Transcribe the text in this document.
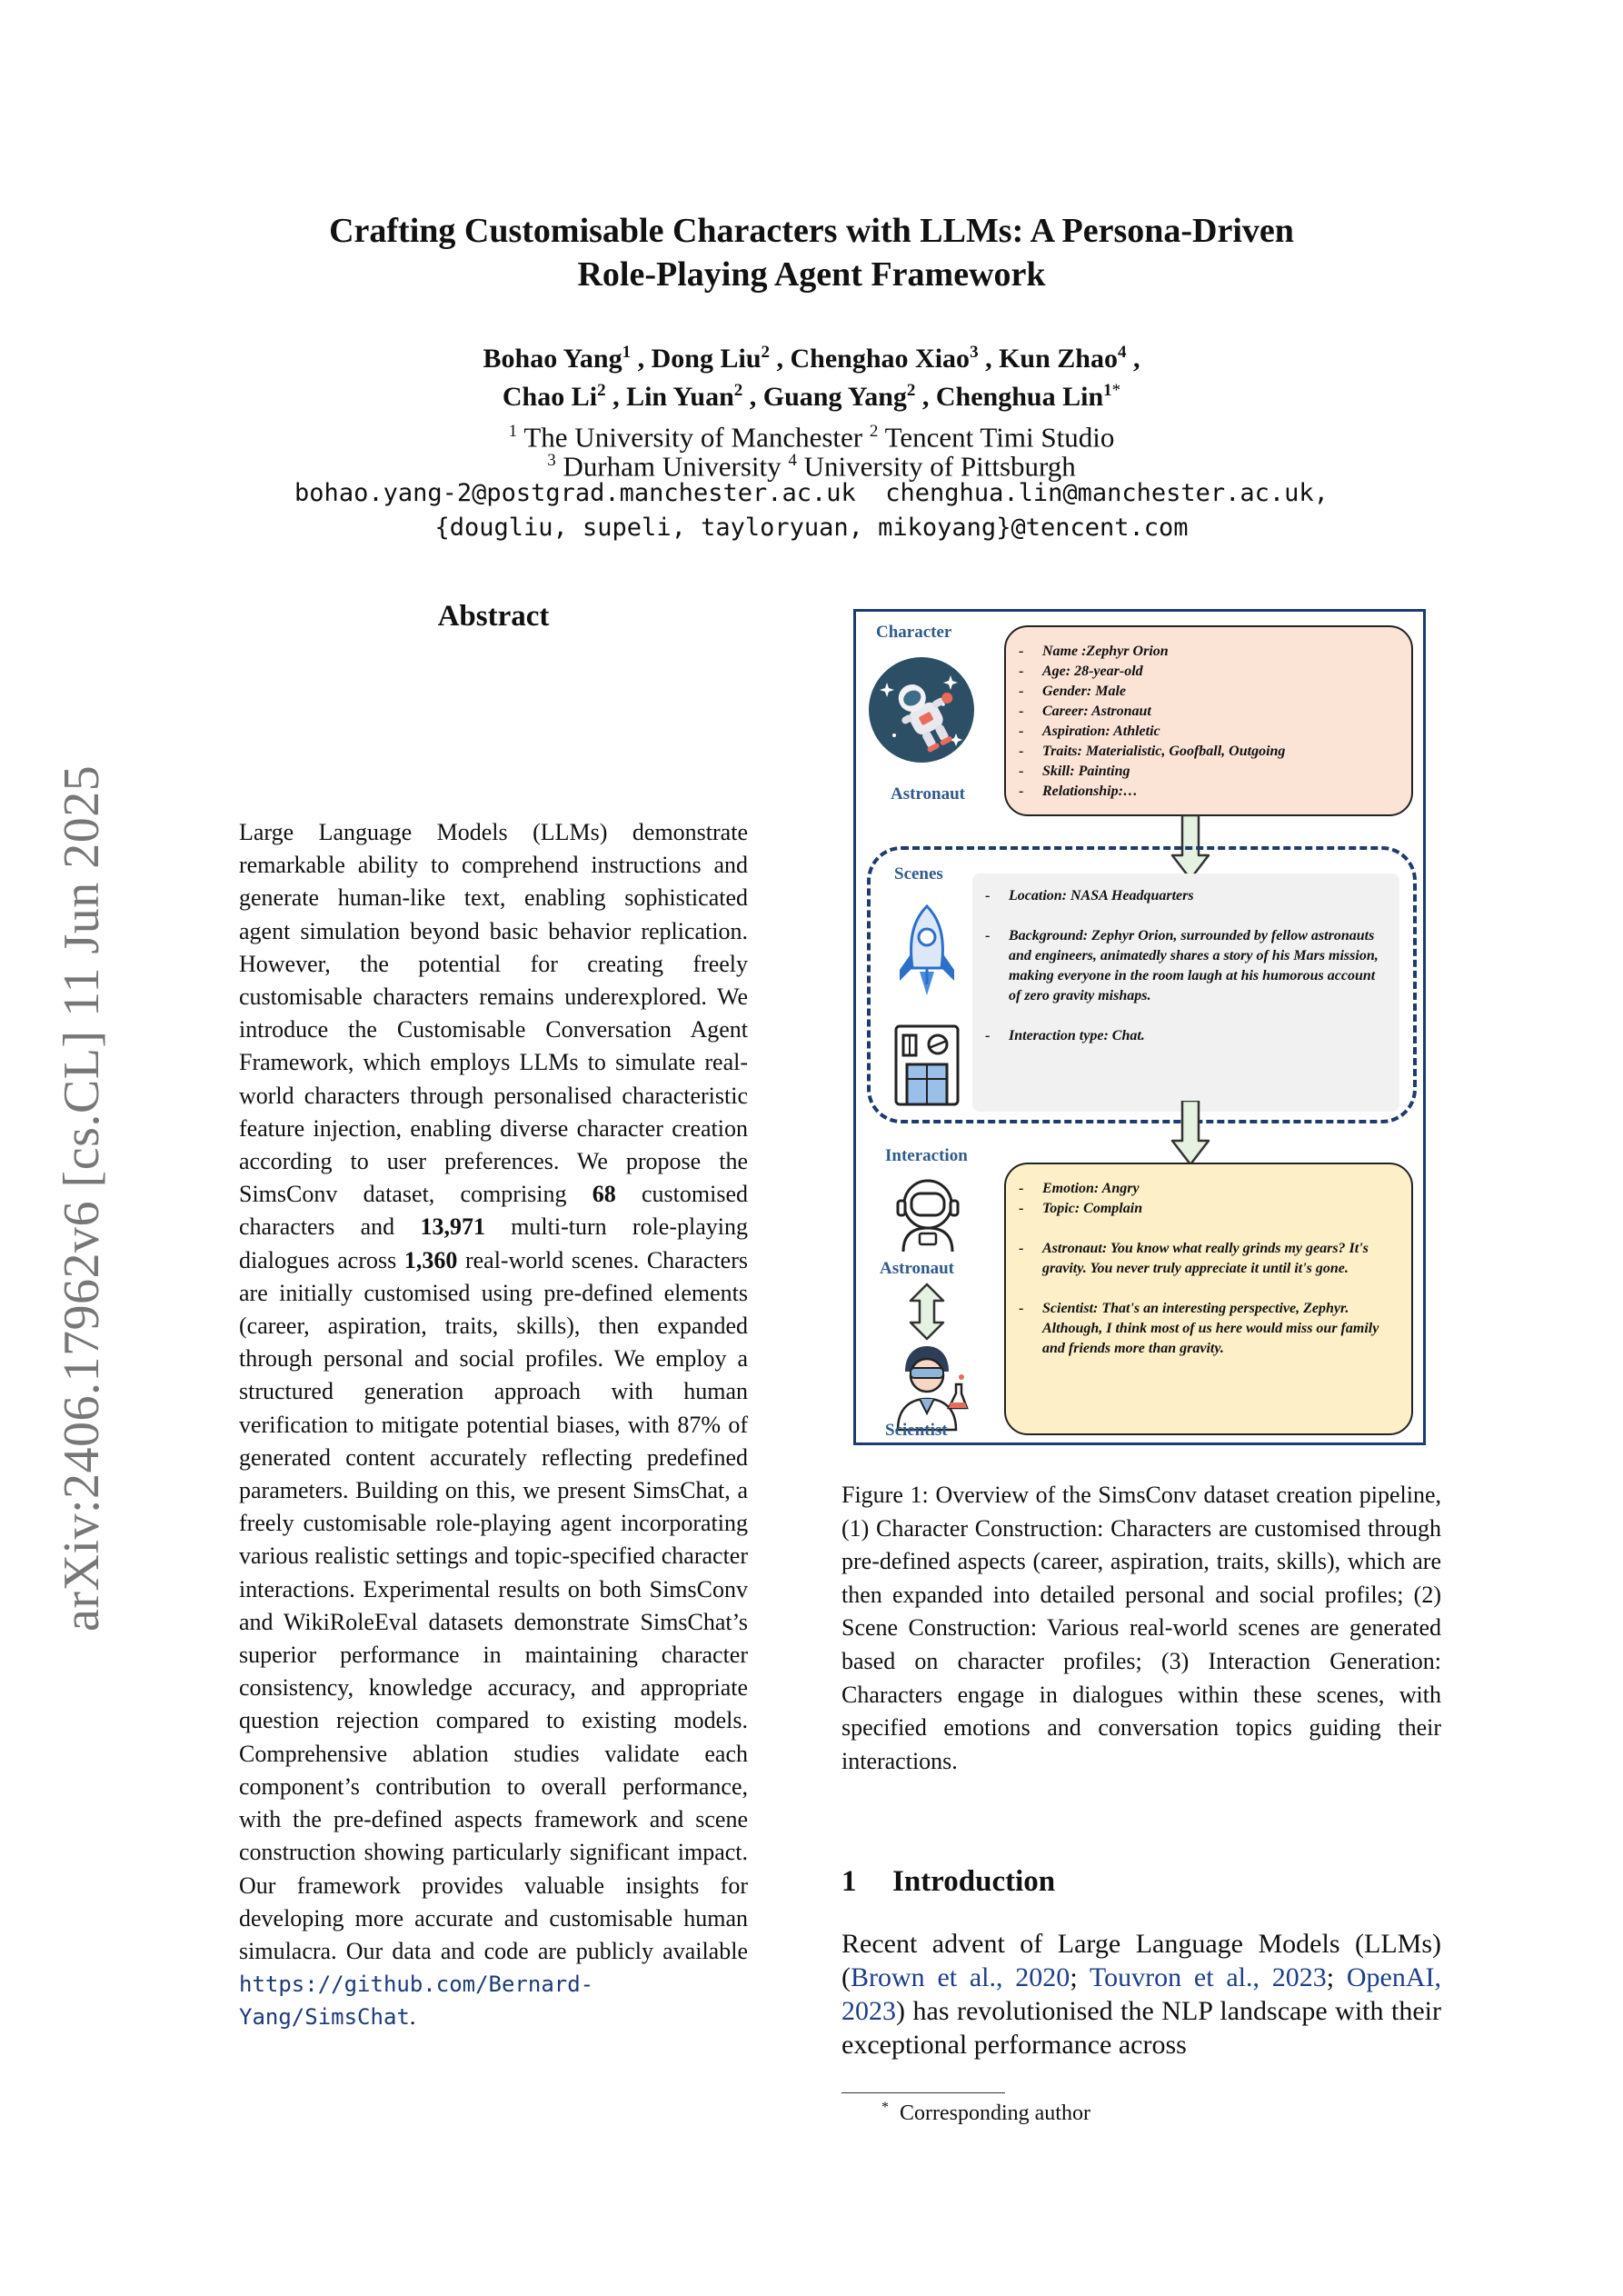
arXiv:2406.17962v6 [cs.CL] 11 Jun 2025
Crafting Customisable Characters with LLMs: A Persona-Driven
Role-Playing Agent Framework
Bohao Yang$^1$ , Dong Liu$^2$ , Chenghao Xiao$^3$ , Kun Zhao$^4$ ,
Chao Li$^2$ , Lin Yuan$^2$ , Guang Yang$^2$ , Chenghua Lin$^{1*}$
$^1$ The University of Manchester $^2$ Tencent Timi Studio
$^3$ Durham University $^4$ University of Pittsburgh
bohao.yang-2@postgrad.manchester.ac.uk chenghua.lin@manchester.ac.uk,
{dougliu, supeli, tayloryuan, mikoyang}@tencent.com
Abstract
Large Language Models (LLMs) demonstrate remarkable ability to comprehend instructions and generate human-like text, enabling sophisticated agent simulation beyond basic behavior replication. However, the potential for creating freely customisable characters remains underexplored. We introduce the Customisable Conversation Agent Framework, which employs LLMs to simulate real-world characters through personalised characteristic feature injection, enabling diverse character creation according to user preferences. We propose the SimsConv dataset, comprising 68 customised characters and 13,971 multi-turn role-playing dialogues across 1,360 real-world scenes. Characters are initially customised using pre-defined elements (career, aspiration, traits, skills), then expanded through personal and social profiles. We employ a structured generation approach with human verification to mitigate potential biases, with 87% of generated content accurately reflecting predefined parameters. Building on this, we present SimsChat, a freely customisable role-playing agent incorporating various realistic settings and topic-specified character interactions. Experimental results on both SimsConv and WikiRoleEval datasets demonstrate SimsChat’s superior performance in maintaining character consistency, knowledge accuracy, and appropriate question rejection compared to existing models. Comprehensive ablation studies validate each component’s contribution to overall performance, with the pre-defined aspects framework and scene construction showing particularly significant impact. Our framework provides valuable insights for developing more accurate and customisable human simulacra. Our data and code are publicly available https://github.com/Bernard-Yang/SimsChat.
Character
Astronaut
- Name :Zephyr Orion
- Age: 28-year-old
- Gender: Male
- Career: Astronaut
- Aspiration: Athletic
- Traits: Materialistic, Goofball, Outgoing
- Skill: Painting
- Relationship:…
Scenes
- Location: NASA Headquarters
- Background: Zephyr Orion, surrounded by fellow astronauts and engineers, animatedly shares a story of his Mars mission, making everyone in the room laugh at his humorous account of zero gravity mishaps.
- Interaction type: Chat.
Interaction
Astronaut
Scientist
- Emotion: Angry
- Topic: Complain
- Astronaut: You know what really grinds my gears? It's gravity. You never truly appreciate it until it's gone.
- Scientist: That's an interesting perspective, Zephyr. Although, I think most of us here would miss our family and friends more than gravity.
Figure 1: Overview of the SimsConv dataset creation pipeline, (1) Character Construction: Characters are customised through pre-defined aspects (career, aspiration, traits, skills), which are then expanded into detailed personal and social profiles; (2) Scene Construction: Various real-world scenes are generated based on character profiles; (3) Interaction Generation: Characters engage in dialogues within these scenes, with specified emotions and conversation topics guiding their interactions.
1 Introduction
Recent advent of Large Language Models (LLMs) (Brown et al., 2020; Touvron et al., 2023; OpenAI, 2023) has revolutionised the NLP landscape with their exceptional performance across
* Corresponding author
